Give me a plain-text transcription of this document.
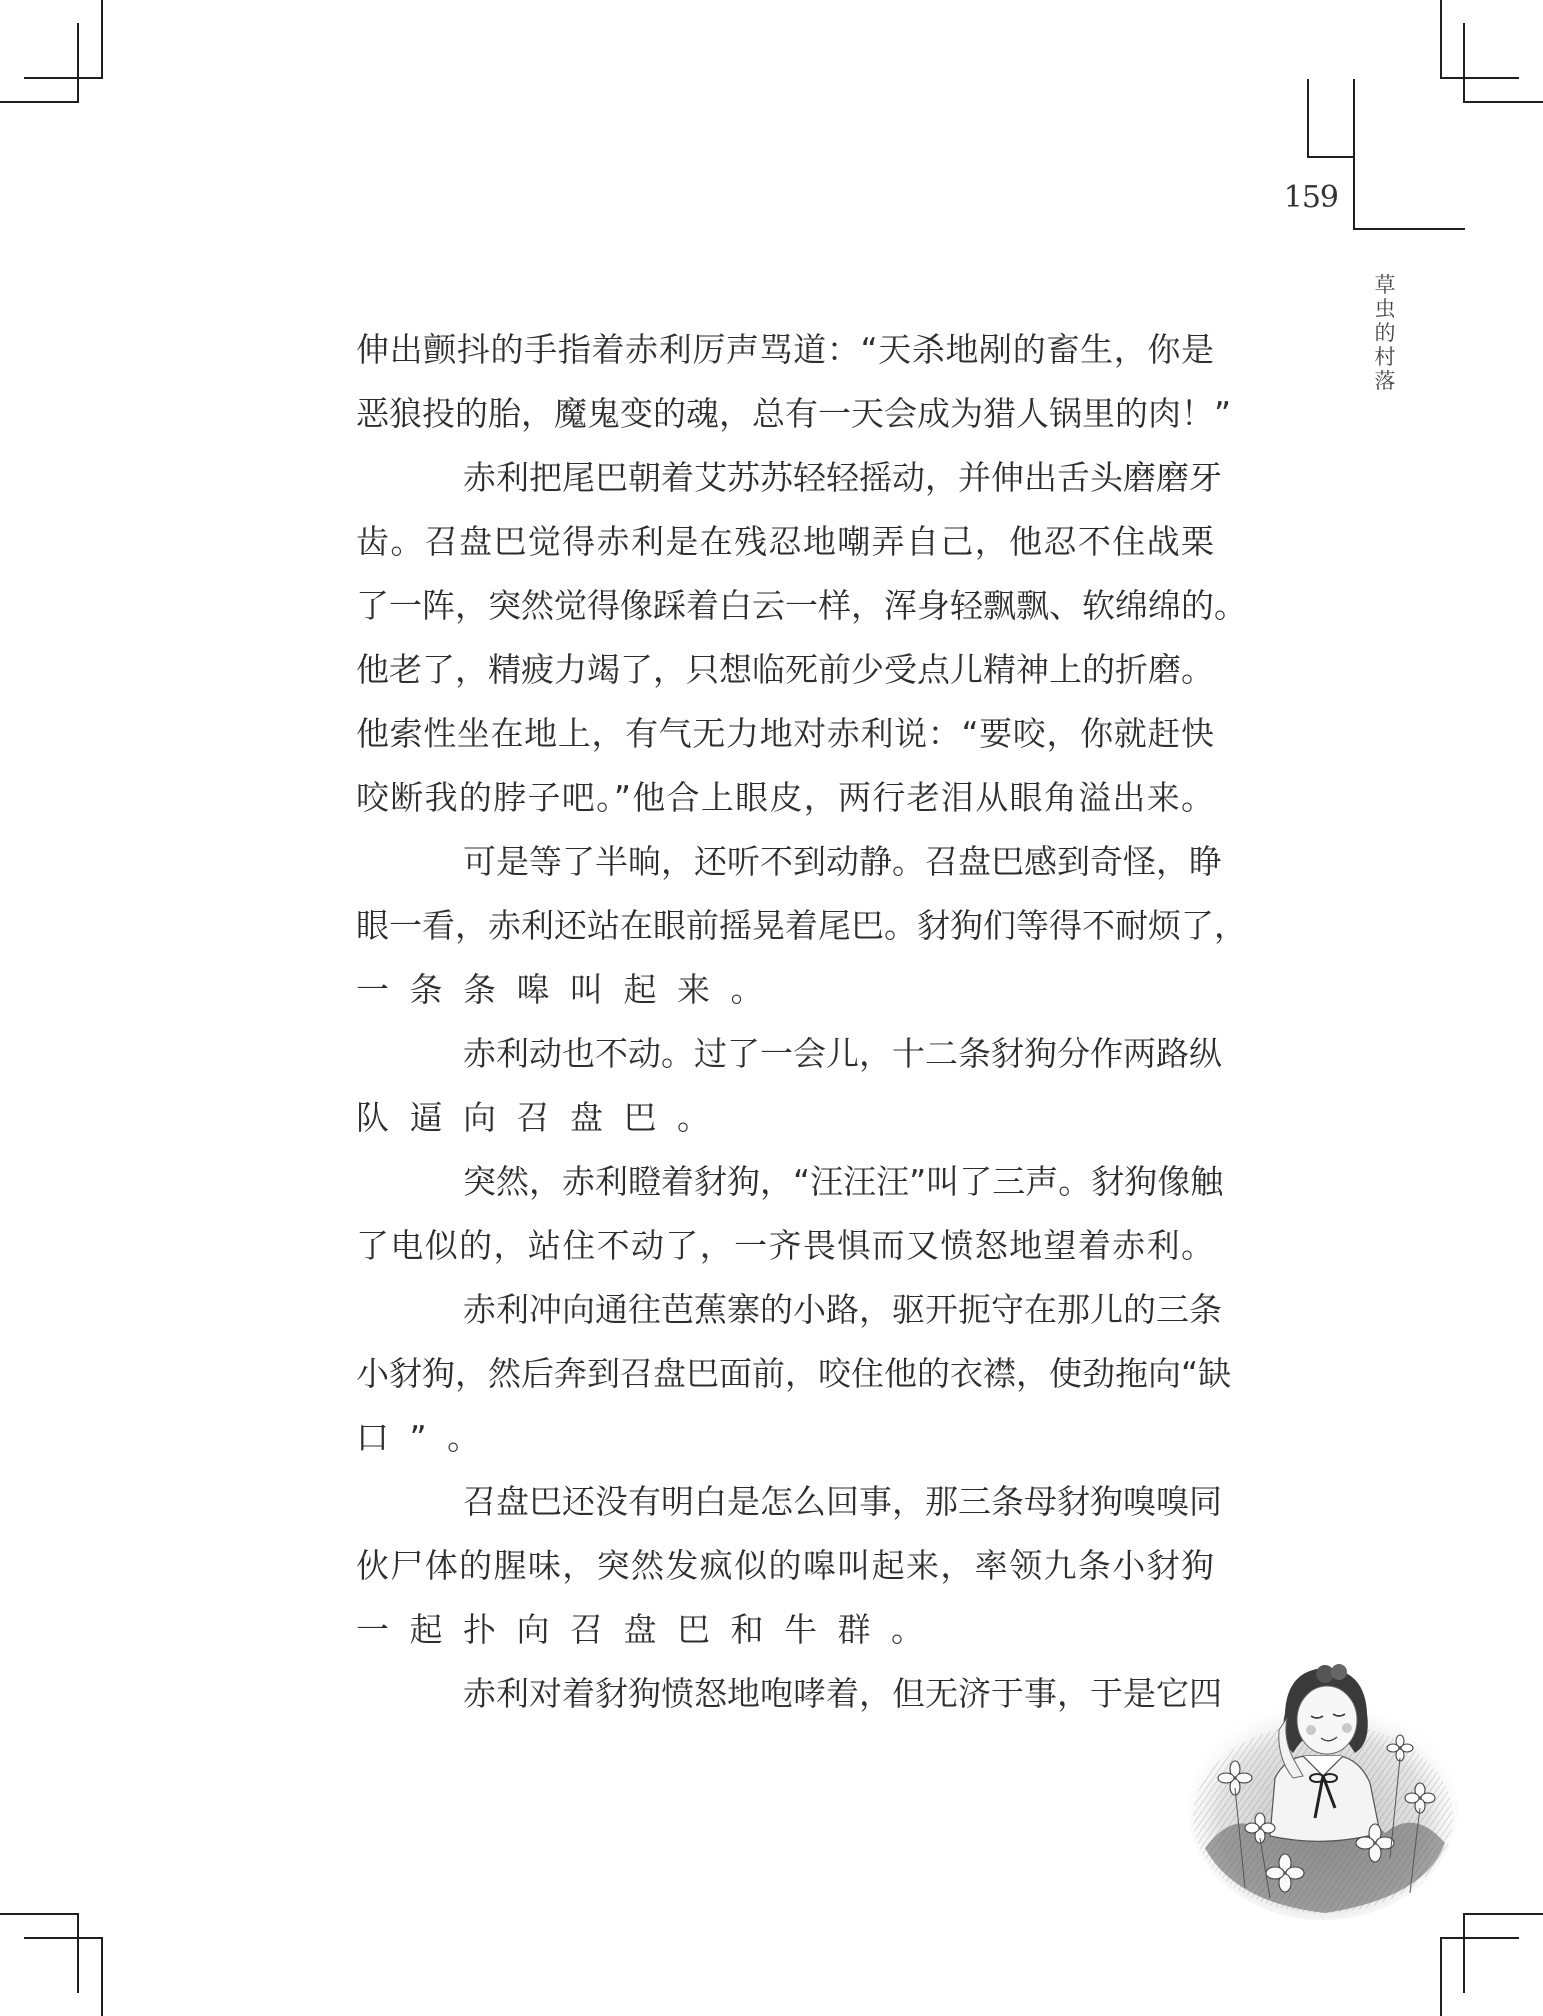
159
草
虫
的
村
落
伸出颤抖的手指着赤利厉声骂道：“天杀地剐的畜生，你是
恶狼投的胎，魔鬼变的魂，总有一天会成为猎人锅里的肉！”
赤利把尾巴朝着艾苏苏轻轻摇动，并伸出舌头磨磨牙
齿。召盘巴觉得赤利是在残忍地嘲弄自己，他忍不住战栗
了一阵，突然觉得像踩着白云一样，浑身轻飘飘、软绵绵的。
他老了，精疲力竭了，只想临死前少受点儿精神上的折磨。
他索性坐在地上，有气无力地对赤利说：“要咬，你就赶快
咬断我的脖子吧。”他合上眼皮，两行老泪从眼角溢出来。
可是等了半晌，还听不到动静。召盘巴感到奇怪，睁
眼一看，赤利还站在眼前摇晃着尾巴。豺狗们等得不耐烦了，
一条条嗥叫起来。
赤利动也不动。过了一会儿，十二条豺狗分作两路纵
队逼向召盘巴。
突然，赤利瞪着豺狗，“汪汪汪”叫了三声。豺狗像触
了电似的，站住不动了，一齐畏惧而又愤怒地望着赤利。
赤利冲向通往芭蕉寨的小路，驱开扼守在那儿的三条
小豺狗，然后奔到召盘巴面前，咬住他的衣襟，使劲拖向“缺
口”。
召盘巴还没有明白是怎么回事，那三条母豺狗嗅嗅同
伙尸体的腥味，突然发疯似的嗥叫起来，率领九条小豺狗
一起扑向召盘巴和牛群。
赤利对着豺狗愤怒地咆哮着，但无济于事，于是它四
